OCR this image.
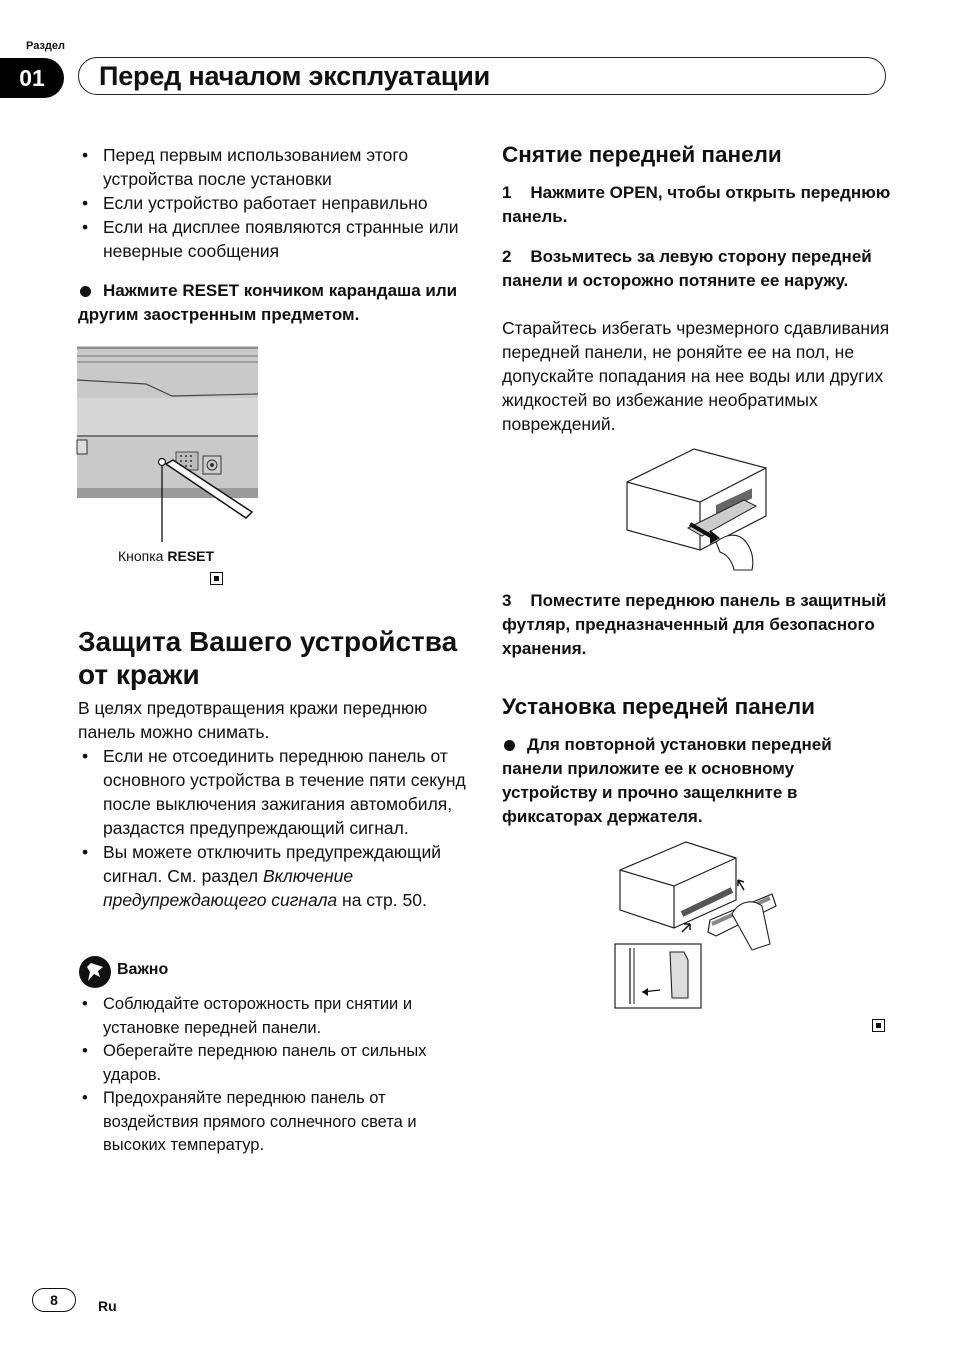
Раздел
01	Перед началом эксплуатации
• Перед первым использованием этого устройства после установки
• Если устройство работает неправильно
• Если на дисплее появляются странные или неверные сообщения
Нажмите RESET кончиком карандаша или другим заостренным предметом.
Кнопка RESET
Защита Вашего устройства от кражи
В целях предотвращения кражи переднюю панель можно снимать.
• Если не отсоединить переднюю панель от основного устройства в течение пяти секунд после выключения зажигания автомобиля, раздастся предупреждающий сигнал.
• Вы можете отключить предупреждающий сигнал. См. раздел Включение предупреждающего сигнала на стр. 50.
Важно
• Соблюдайте осторожность при снятии и установке передней панели.
• Оберегайте переднюю панель от сильных ударов.
• Предохраняйте переднюю панель от воздействия прямого солнечного света и высоких температур.
Снятие передней панели
1    Нажмите OPEN, чтобы открыть переднюю панель.
2    Возьмитесь за левую сторону передней панели и осторожно потяните ее наружу.
Старайтесь избегать чрезмерного сдавливания передней панели, не роняйте ее на пол, не допускайте попадания на нее воды или других жидкостей во избежание необратимых повреждений.
3    Поместите переднюю панель в защитный футляр, предназначенный для безопасного хранения.
Установка передней панели
Для повторной установки передней панели приложите ее к основному устройству и прочно защелкните в фиксаторах держателя.
8	Ru
